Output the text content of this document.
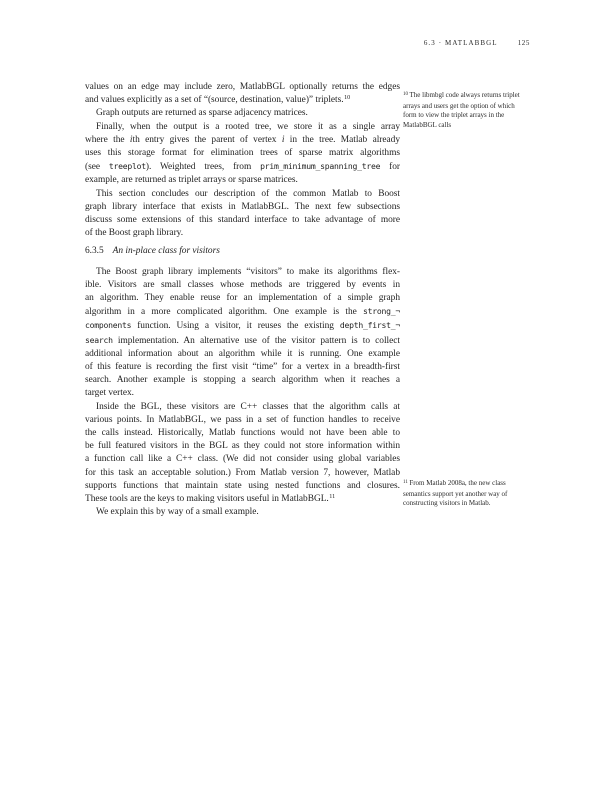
6.3 · MATLABBGL	125
values on an edge may include zero, MatlabBGL optionally returns the edges
and values explicitly as a set of “(source, destination, value)” triplets.$^{10}$
Graph outputs are returned as sparse adjacency matrices.
Finally, when the output is a rooted tree, we store it as a single array
where the ith entry gives the parent of vertex i in the tree. Matlab already
uses this storage format for elimination trees of sparse matrix algorithms
(see treeplot). Weighted trees, from prim_minimum_spanning_tree for
example, are returned as triplet arrays or sparse matrices.
This section concludes our description of the common Matlab to Boost
graph library interface that exists in MatlabBGL. The next few subsections
discuss some extensions of this standard interface to take advantage of more
of the Boost graph library.
6.3.5 An in-place class for visitors
The Boost graph library implements “visitors” to make its algorithms flex-
ible. Visitors are small classes whose methods are triggered by events in
an algorithm. They enable reuse for an implementation of a simple graph
algorithm in a more complicated algorithm. One example is the strong_¬
components function. Using a visitor, it reuses the existing depth_first_¬
search implementation. An alternative use of the visitor pattern is to collect
additional information about an algorithm while it is running. One example
of this feature is recording the first visit “time” for a vertex in a breadth-first
search. Another example is stopping a search algorithm when it reaches a
target vertex.
Inside the BGL, these visitors are C++ classes that the algorithm calls at
various points. In MatlabBGL, we pass in a set of function handles to receive
the calls instead. Historically, Matlab functions would not have been able to
be full featured visitors in the BGL as they could not store information within
a function call like a C++ class. (We did not consider using global variables
for this task an acceptable solution.) From Matlab version 7, however, Matlab
supports functions that maintain state using nested functions and closures.
These tools are the keys to making visitors useful in MatlabBGL.$^{11}$
We explain this by way of a small example.
$^{10}$ The libmbgl code always returns triplet
arrays and users get the option of which
form to view the triplet arrays in the
MatlabBGL calls
$^{11}$ From Matlab 2008a, the new class
semantics support yet another way of
constructing visitors in Matlab.
